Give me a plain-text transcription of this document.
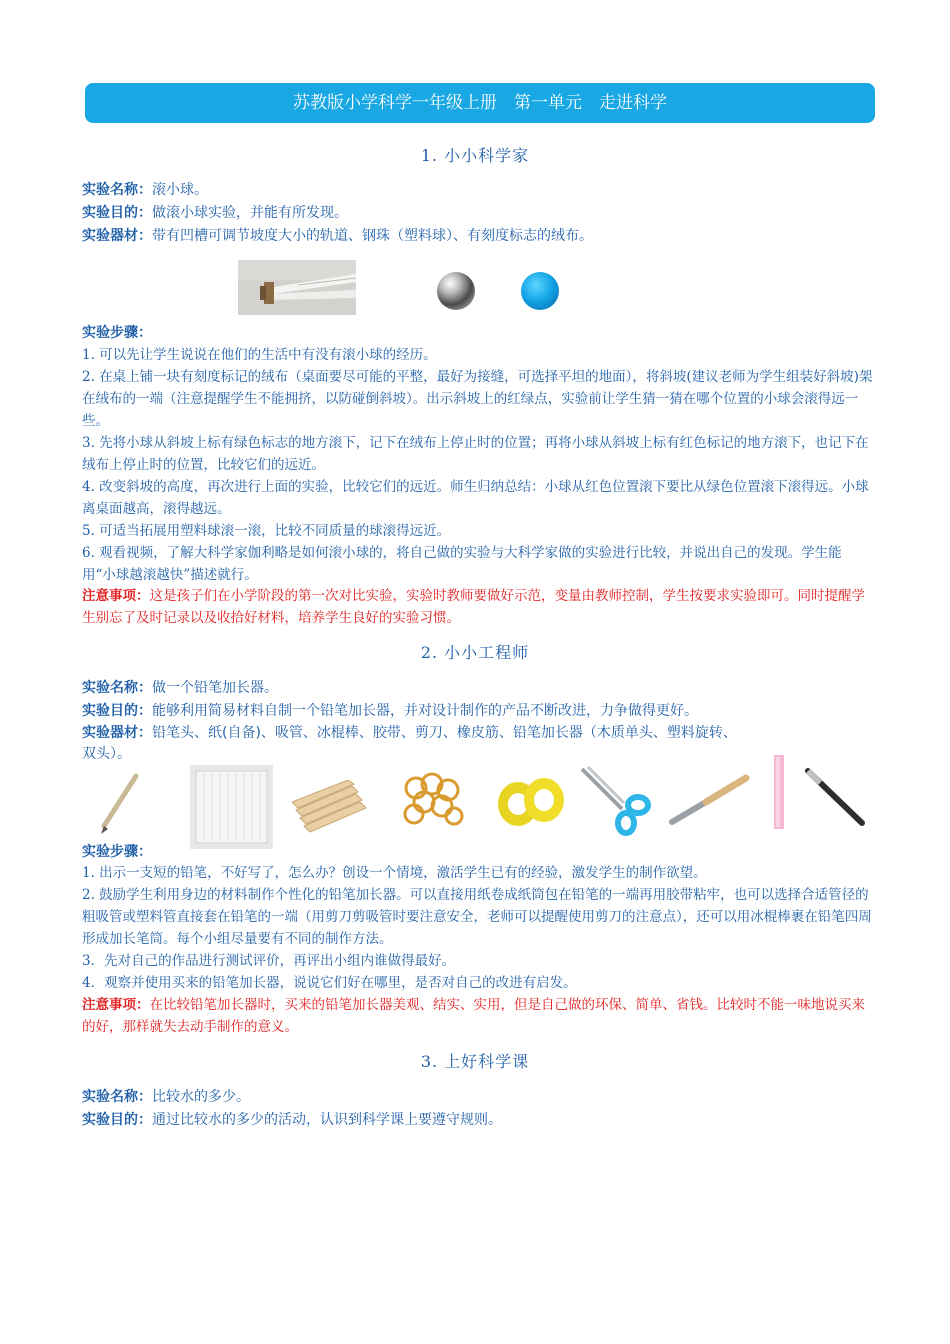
苏教版小学科学一年级上册　第一单元　走进科学
1. 小小科学家
实验名称：滚小球。
实验目的：做滚小球实验，并能有所发现。
实验器材：带有凹槽可调节坡度大小的轨道、钢珠（塑料球）、有刻度标志的绒布。
实验步骤：
1. 可以先让学生说说在他们的生活中有没有滚小球的经历。
2. 在桌上铺一块有刻度标记的绒布（桌面要尽可能的平整，最好为接缝，可选择平坦的地面），将斜坡(建议老师为学生组装好斜坡)架在绒布的一端（注意提醒学生不能拥挤，以防碰倒斜坡）。出示斜坡上的红绿点，实验前让学生猜一猜在哪个位置的小球会滚得远一些。
3. 先将小球从斜坡上标有绿色标志的地方滚下，记下在绒布上停止时的位置；再将小球从斜坡上标有红色标记的地方滚下，也记下在绒布上停止时的位置，比较它们的远近。
4. 改变斜坡的高度，再次进行上面的实验，比较它们的远近。师生归纳总结：小球从红色位置滚下要比从绿色位置滚下滚得远。小球离桌面越高，滚得越远。
5. 可适当拓展用塑料球滚一滚，比较不同质量的球滚得远近。
6. 观看视频，了解大科学家伽利略是如何滚小球的，将自己做的实验与大科学家做的实验进行比较，并说出自己的发现。学生能用“小球越滚越快”描述就行。
注意事项：这是孩子们在小学阶段的第一次对比实验，实验时教师要做好示范，变量由教师控制，学生按要求实验即可。同时提醒学生别忘了及时记录以及收拾好材料，培养学生良好的实验习惯。
2. 小小工程师
实验名称：做一个铅笔加长器。
实验目的：能够利用简易材料自制一个铅笔加长器，并对设计制作的产品不断改进，力争做得更好。
实验器材：铅笔头、纸(自备)、吸管、冰棍棒、胶带、剪刀、橡皮筋、铅笔加长器（木质单头、塑料旋转、
双头）。
实验步骤：
1. 出示一支短的铅笔，不好写了，怎么办？创设一个情境，激活学生已有的经验，激发学生的制作欲望。
2. 鼓励学生利用身边的材料制作个性化的铅笔加长器。可以直接用纸卷成纸筒包在铅笔的一端再用胶带粘牢，也可以选择合适管径的粗吸管或塑料管直接套在铅笔的一端（用剪刀剪吸管时要注意安全，老师可以提醒使用剪刀的注意点），还可以用冰棍棒裹在铅笔四周形成加长笔筒。每个小组尽量要有不同的制作方法。
3．先对自己的作品进行测试评价，再评出小组内谁做得最好。
4．观察并使用买来的铅笔加长器，说说它们好在哪里，是否对自己的改进有启发。
注意事项：在比较铅笔加长器时，买来的铅笔加长器美观、结实、实用，但是自己做的环保、简单、省钱。比较时不能一味地说买来的好，那样就失去动手制作的意义。
3. 上好科学课
实验名称：比较水的多少。
实验目的：通过比较水的多少的活动，认识到科学课上要遵守规则。
